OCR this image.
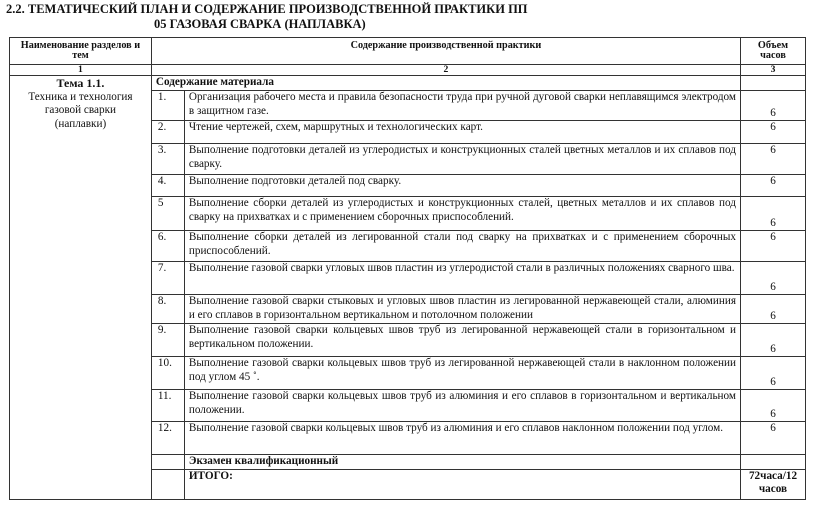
2.2. ТЕМАТИЧЕСКИЙ ПЛАН И СОДЕРЖАНИЕ ПРОИЗВОДСТВЕННОЙ ПРАКТИКИ ПП
05 ГАЗОВАЯ СВАРКА (НАПЛАВКА)
Наименование разделов и тем	Содержание производственной практики		Объем
часов

1	2		3

Тема 1.1.
Техника и технология
газовой сварки
(наплавки)	Содержание материала		
	1.	Организация рабочего места и правила безопасности труда при ручной дуговой сварки неплавящимся электродом в защитном газе.	6
	2.	Чтение чертежей, схем, маршрутных и технологических карт.	6
	3.	Выполнение подготовки деталей из углеродистых и конструкционных сталей цветных металлов и их сплавов под сварку.	6
	4.	Выполнение подготовки деталей под сварку.	6
	5	Выполнение сборки деталей из углеродистых и конструкционных сталей, цветных металлов и их сплавов под сварку на прихватках и с применением сборочных приспособлений.	6
	6.	Выполнение сборки деталей из легированной стали под сварку на прихватках и с применением сборочных приспособлений.	6
	7.	Выполнение газовой сварки угловых швов пластин из углеродистой стали в различных положениях сварного шва.	6
	8.	Выполнение газовой сварки стыковых и угловых швов пластин из легированной нержавеющей стали, алюминия и его сплавов в горизонтальном вертикальном и потолочном положении	6
	9.	Выполнение газовой сварки кольцевых швов труб из легированной нержавеющей стали в горизонтальном и вертикальном положении.	6
	10.	Выполнение газовой сварки кольцевых швов труб из легированной нержавеющей стали в наклонном положении под углом 45 ˚.	6
	11.	Выполнение газовой сварки кольцевых швов труб из алюминия и его сплавов в горизонтальном и вертикальном положении.	6
	12.	Выполнение газовой сварки кольцевых швов труб из алюминия и его сплавов наклонном положении под углом.	6
		Экзамен квалификационный	
		ИТОГО:	72часа/12 часов
